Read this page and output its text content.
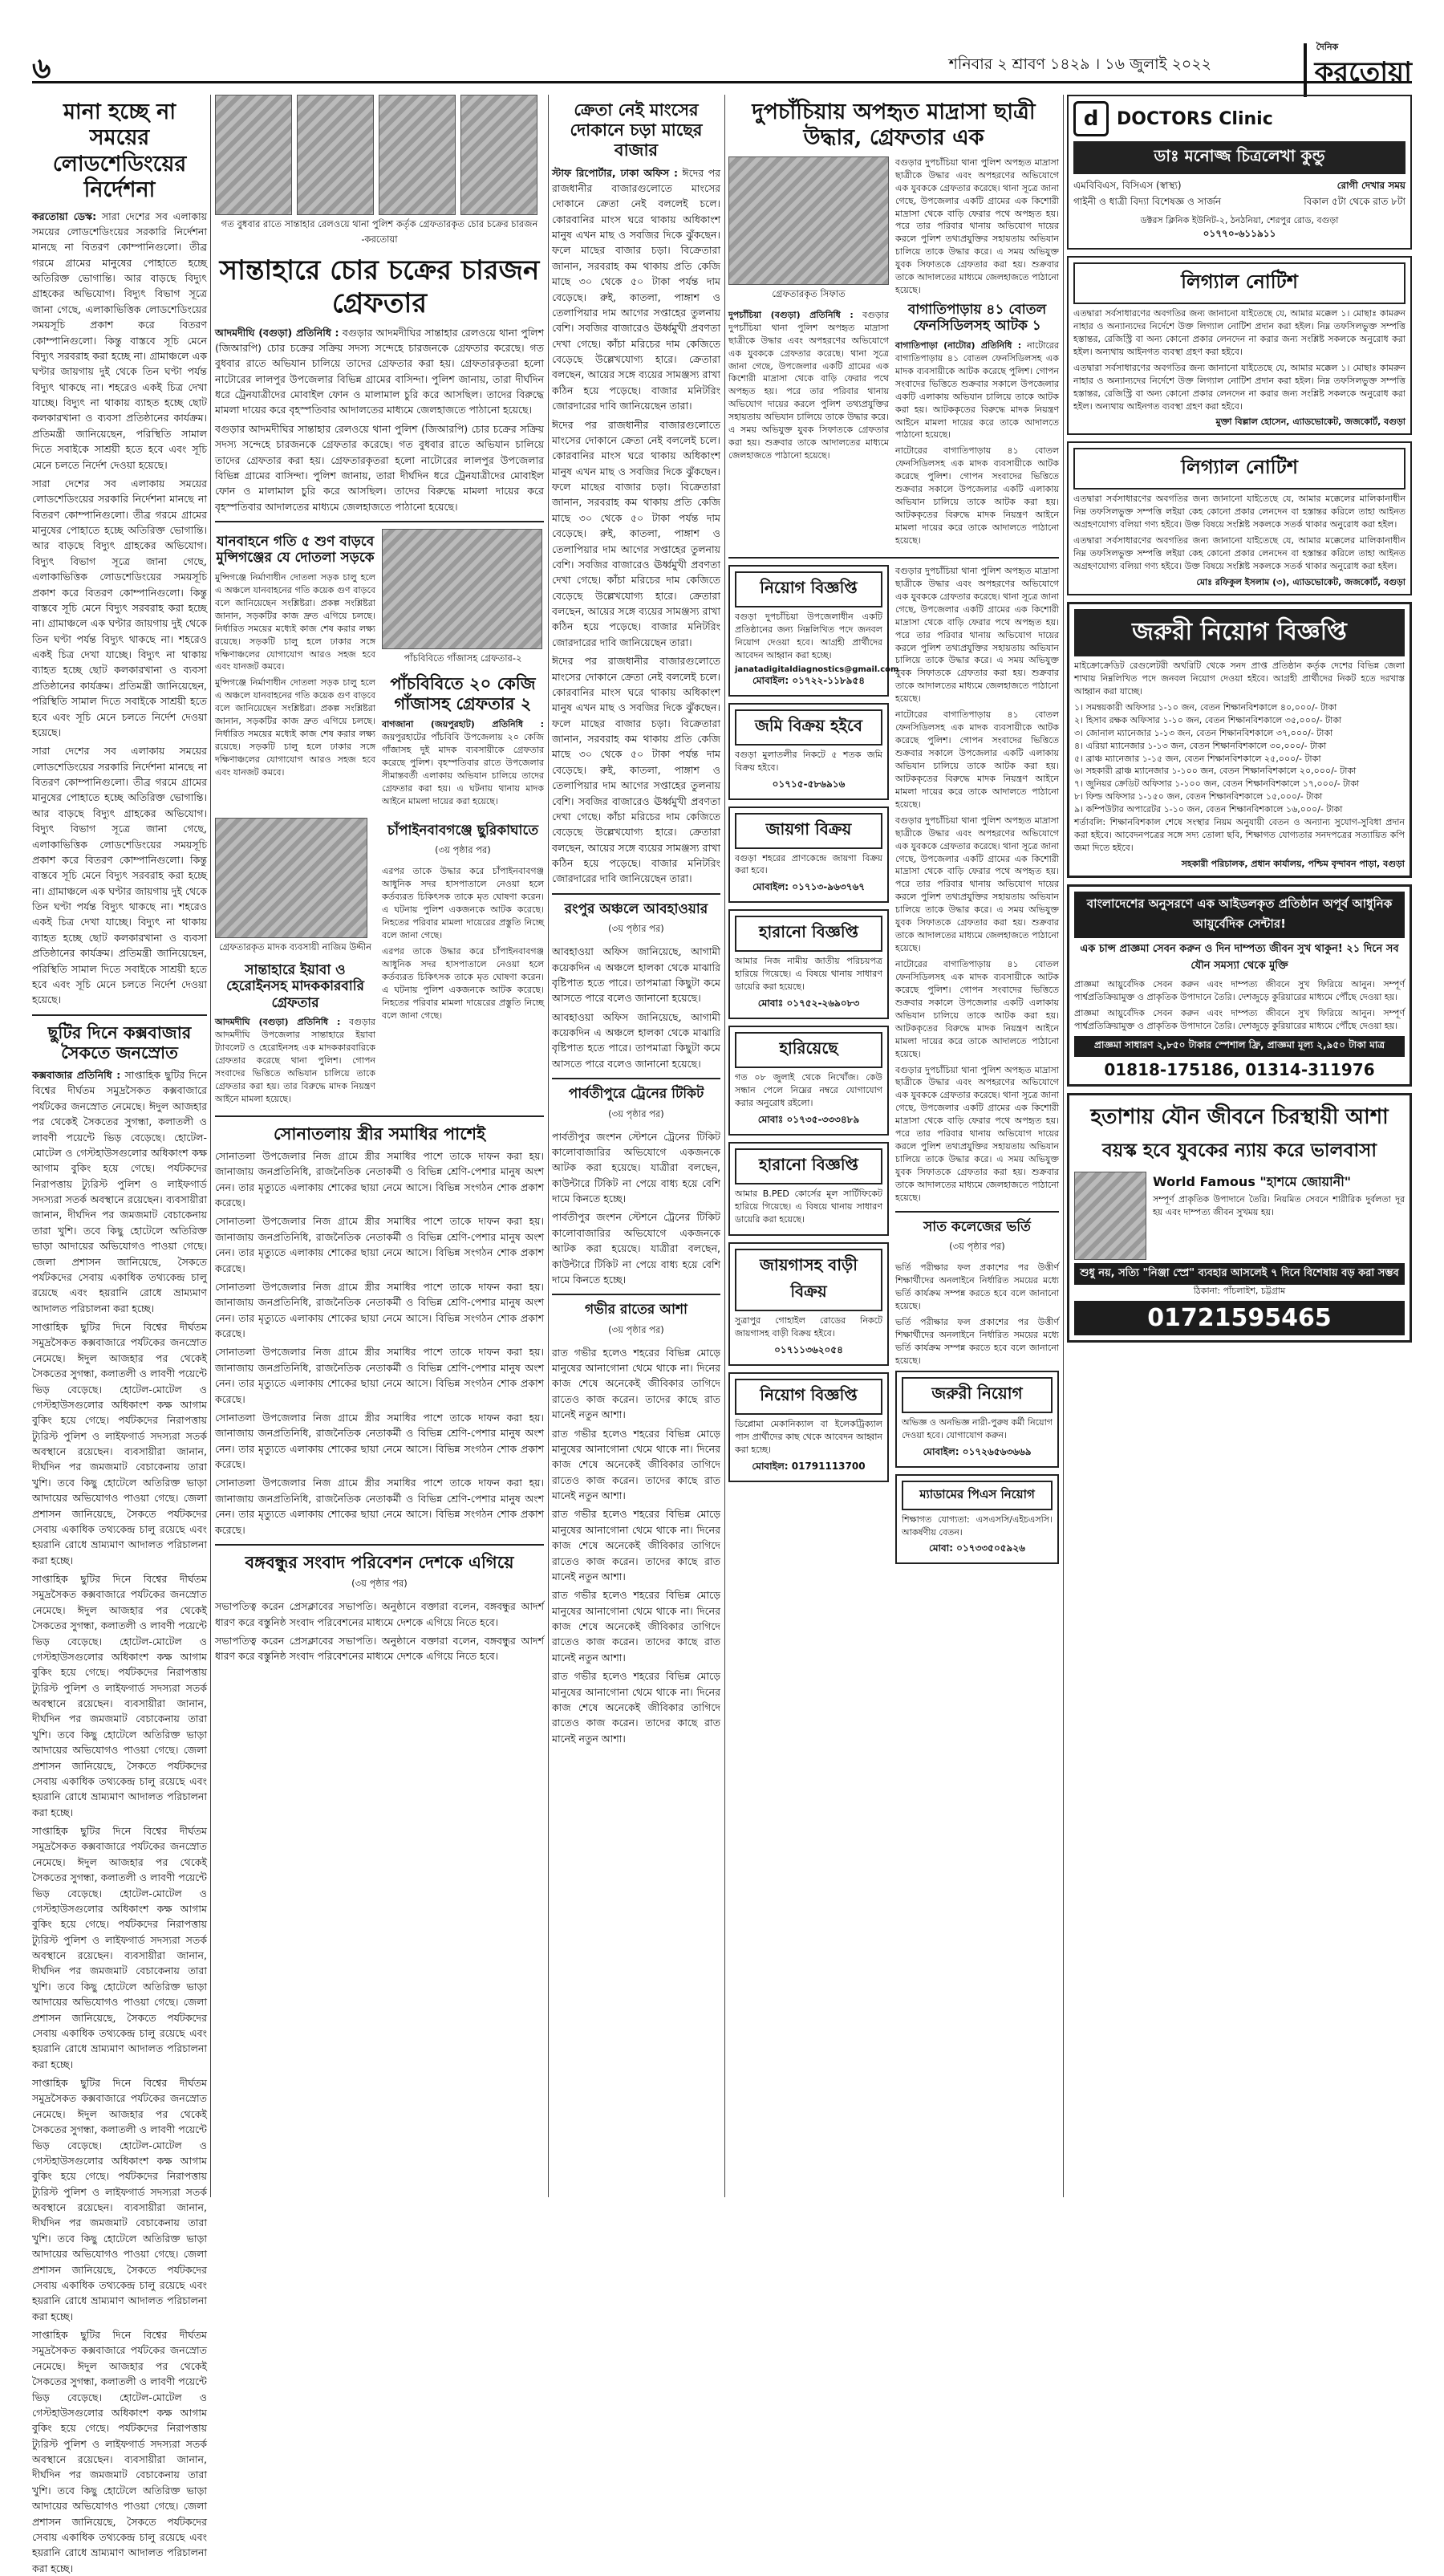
৬	শনিবার ২ শ্রাবণ ১৪২৯ । ১৬ জুলাই ২০২২
দৈনিক
করতোয়া
মানা হচ্ছে না সময়ের লোডশেডিংয়ের নির্দেশনা

করতোয়া ডেস্ক: সারা দেশের সব এলাকায় সময়ের লোডশেডিংয়ের সরকারি নির্দেশনা মানছে না বিতরণ কোম্পানিগুলো। তীব্র গরমে গ্রামের মানুষের পোহাতে হচ্ছে অতিরিক্ত ভোগান্তি। আর বাড়ছে বিদ্যুৎ গ্রাহকের অভিযোগ। বিদ্যুৎ বিভাগ সূত্রে জানা গেছে, এলাকাভিত্তিক লোডশেডিংয়ের সময়সূচি প্রকাশ করে বিতরণ কোম্পানিগুলো। কিন্তু বাস্তবে সূচি মেনে বিদ্যুৎ সরবরাহ করা হচ্ছে না। গ্রামাঞ্চলে এক ঘণ্টার জায়গায় দুই থেকে তিন ঘণ্টা পর্যন্ত বিদ্যুৎ থাকছে না। শহরেও একই চিত্র দেখা যাচ্ছে। বিদ্যুৎ না থাকায় ব্যাহত হচ্ছে ছোট কলকারখানা ও ব্যবসা প্রতিষ্ঠানের কার্যক্রম। প্রতিমন্ত্রী জানিয়েছেন, পরিস্থিতি সামাল দিতে সবাইকে সাশ্রয়ী হতে হবে এবং সূচি মেনে চলতে নির্দেশ দেওয়া হয়েছে।

সারা দেশের সব এলাকায় সময়ের লোডশেডিংয়ের সরকারি নির্দেশনা মানছে না বিতরণ কোম্পানিগুলো। তীব্র গরমে গ্রামের মানুষের পোহাতে হচ্ছে অতিরিক্ত ভোগান্তি। আর বাড়ছে বিদ্যুৎ গ্রাহকের অভিযোগ। বিদ্যুৎ বিভাগ সূত্রে জানা গেছে, এলাকাভিত্তিক লোডশেডিংয়ের সময়সূচি প্রকাশ করে বিতরণ কোম্পানিগুলো। কিন্তু বাস্তবে সূচি মেনে বিদ্যুৎ সরবরাহ করা হচ্ছে না। গ্রামাঞ্চলে এক ঘণ্টার জায়গায় দুই থেকে তিন ঘণ্টা পর্যন্ত বিদ্যুৎ থাকছে না। শহরেও একই চিত্র দেখা যাচ্ছে। বিদ্যুৎ না থাকায় ব্যাহত হচ্ছে ছোট কলকারখানা ও ব্যবসা প্রতিষ্ঠানের কার্যক্রম। প্রতিমন্ত্রী জানিয়েছেন, পরিস্থিতি সামাল দিতে সবাইকে সাশ্রয়ী হতে হবে এবং সূচি মেনে চলতে নির্দেশ দেওয়া হয়েছে।

সারা দেশের সব এলাকায় সময়ের লোডশেডিংয়ের সরকারি নির্দেশনা মানছে না বিতরণ কোম্পানিগুলো। তীব্র গরমে গ্রামের মানুষের পোহাতে হচ্ছে অতিরিক্ত ভোগান্তি। আর বাড়ছে বিদ্যুৎ গ্রাহকের অভিযোগ। বিদ্যুৎ বিভাগ সূত্রে জানা গেছে, এলাকাভিত্তিক লোডশেডিংয়ের সময়সূচি প্রকাশ করে বিতরণ কোম্পানিগুলো। কিন্তু বাস্তবে সূচি মেনে বিদ্যুৎ সরবরাহ করা হচ্ছে না। গ্রামাঞ্চলে এক ঘণ্টার জায়গায় দুই থেকে তিন ঘণ্টা পর্যন্ত বিদ্যুৎ থাকছে না। শহরেও একই চিত্র দেখা যাচ্ছে। বিদ্যুৎ না থাকায় ব্যাহত হচ্ছে ছোট কলকারখানা ও ব্যবসা প্রতিষ্ঠানের কার্যক্রম। প্রতিমন্ত্রী জানিয়েছেন, পরিস্থিতি সামাল দিতে সবাইকে সাশ্রয়ী হতে হবে এবং সূচি মেনে চলতে নির্দেশ দেওয়া হয়েছে।

ছুটির দিনে কক্সবাজার সৈকতে জনস্রোত

কক্সবাজার প্রতিনিধি : সাপ্তাহিক ছুটির দিনে বিশ্বের দীর্ঘতম সমুদ্রসৈকত কক্সবাজারে পর্যটকের জনস্রোত নেমেছে। ঈদুল আজহার পর থেকেই সৈকতের সুগন্ধা, কলাতলী ও লাবণী পয়েন্টে ভিড় বেড়েছে। হোটেল-মোটেল ও গেস্টহাউসগুলোর অধিকাংশ কক্ষ আগাম বুকিং হয়ে গেছে। পর্যটকদের নিরাপত্তায় ট্যুরিস্ট পুলিশ ও লাইফগার্ড সদস্যরা সতর্ক অবস্থানে রয়েছেন। ব্যবসায়ীরা জানান, দীর্ঘদিন পর জমজমাট বেচাকেনায় তারা খুশি। তবে কিছু হোটেলে অতিরিক্ত ভাড়া আদায়ের অভিযোগও পাওয়া গেছে। জেলা প্রশাসন জানিয়েছে, সৈকতে পর্যটকদের সেবায় একাধিক তথ্যকেন্দ্র চালু রয়েছে এবং হয়রানি রোধে ভ্রাম্যমাণ আদালত পরিচালনা করা হচ্ছে।

সাপ্তাহিক ছুটির দিনে বিশ্বের দীর্ঘতম সমুদ্রসৈকত কক্সবাজারে পর্যটকের জনস্রোত নেমেছে। ঈদুল আজহার পর থেকেই সৈকতের সুগন্ধা, কলাতলী ও লাবণী পয়েন্টে ভিড় বেড়েছে। হোটেল-মোটেল ও গেস্টহাউসগুলোর অধিকাংশ কক্ষ আগাম বুকিং হয়ে গেছে। পর্যটকদের নিরাপত্তায় ট্যুরিস্ট পুলিশ ও লাইফগার্ড সদস্যরা সতর্ক অবস্থানে রয়েছেন। ব্যবসায়ীরা জানান, দীর্ঘদিন পর জমজমাট বেচাকেনায় তারা খুশি। তবে কিছু হোটেলে অতিরিক্ত ভাড়া আদায়ের অভিযোগও পাওয়া গেছে। জেলা প্রশাসন জানিয়েছে, সৈকতে পর্যটকদের সেবায় একাধিক তথ্যকেন্দ্র চালু রয়েছে এবং হয়রানি রোধে ভ্রাম্যমাণ আদালত পরিচালনা করা হচ্ছে।

সাপ্তাহিক ছুটির দিনে বিশ্বের দীর্ঘতম সমুদ্রসৈকত কক্সবাজারে পর্যটকের জনস্রোত নেমেছে। ঈদুল আজহার পর থেকেই সৈকতের সুগন্ধা, কলাতলী ও লাবণী পয়েন্টে ভিড় বেড়েছে। হোটেল-মোটেল ও গেস্টহাউসগুলোর অধিকাংশ কক্ষ আগাম বুকিং হয়ে গেছে। পর্যটকদের নিরাপত্তায় ট্যুরিস্ট পুলিশ ও লাইফগার্ড সদস্যরা সতর্ক অবস্থানে রয়েছেন। ব্যবসায়ীরা জানান, দীর্ঘদিন পর জমজমাট বেচাকেনায় তারা খুশি। তবে কিছু হোটেলে অতিরিক্ত ভাড়া আদায়ের অভিযোগও পাওয়া গেছে। জেলা প্রশাসন জানিয়েছে, সৈকতে পর্যটকদের সেবায় একাধিক তথ্যকেন্দ্র চালু রয়েছে এবং হয়রানি রোধে ভ্রাম্যমাণ আদালত পরিচালনা করা হচ্ছে।

সাপ্তাহিক ছুটির দিনে বিশ্বের দীর্ঘতম সমুদ্রসৈকত কক্সবাজারে পর্যটকের জনস্রোত নেমেছে। ঈদুল আজহার পর থেকেই সৈকতের সুগন্ধা, কলাতলী ও লাবণী পয়েন্টে ভিড় বেড়েছে। হোটেল-মোটেল ও গেস্টহাউসগুলোর অধিকাংশ কক্ষ আগাম বুকিং হয়ে গেছে। পর্যটকদের নিরাপত্তায় ট্যুরিস্ট পুলিশ ও লাইফগার্ড সদস্যরা সতর্ক অবস্থানে রয়েছেন। ব্যবসায়ীরা জানান, দীর্ঘদিন পর জমজমাট বেচাকেনায় তারা খুশি। তবে কিছু হোটেলে অতিরিক্ত ভাড়া আদায়ের অভিযোগও পাওয়া গেছে। জেলা প্রশাসন জানিয়েছে, সৈকতে পর্যটকদের সেবায় একাধিক তথ্যকেন্দ্র চালু রয়েছে এবং হয়রানি রোধে ভ্রাম্যমাণ আদালত পরিচালনা করা হচ্ছে।

সাপ্তাহিক ছুটির দিনে বিশ্বের দীর্ঘতম সমুদ্রসৈকত কক্সবাজারে পর্যটকের জনস্রোত নেমেছে। ঈদুল আজহার পর থেকেই সৈকতের সুগন্ধা, কলাতলী ও লাবণী পয়েন্টে ভিড় বেড়েছে। হোটেল-মোটেল ও গেস্টহাউসগুলোর অধিকাংশ কক্ষ আগাম বুকিং হয়ে গেছে। পর্যটকদের নিরাপত্তায় ট্যুরিস্ট পুলিশ ও লাইফগার্ড সদস্যরা সতর্ক অবস্থানে রয়েছেন। ব্যবসায়ীরা জানান, দীর্ঘদিন পর জমজমাট বেচাকেনায় তারা খুশি। তবে কিছু হোটেলে অতিরিক্ত ভাড়া আদায়ের অভিযোগও পাওয়া গেছে। জেলা প্রশাসন জানিয়েছে, সৈকতে পর্যটকদের সেবায় একাধিক তথ্যকেন্দ্র চালু রয়েছে এবং হয়রানি রোধে ভ্রাম্যমাণ আদালত পরিচালনা করা হচ্ছে।

সাপ্তাহিক ছুটির দিনে বিশ্বের দীর্ঘতম সমুদ্রসৈকত কক্সবাজারে পর্যটকের জনস্রোত নেমেছে। ঈদুল আজহার পর থেকেই সৈকতের সুগন্ধা, কলাতলী ও লাবণী পয়েন্টে ভিড় বেড়েছে। হোটেল-মোটেল ও গেস্টহাউসগুলোর অধিকাংশ কক্ষ আগাম বুকিং হয়ে গেছে। পর্যটকদের নিরাপত্তায় ট্যুরিস্ট পুলিশ ও লাইফগার্ড সদস্যরা সতর্ক অবস্থানে রয়েছেন। ব্যবসায়ীরা জানান, দীর্ঘদিন পর জমজমাট বেচাকেনায় তারা খুশি। তবে কিছু হোটেলে অতিরিক্ত ভাড়া আদায়ের অভিযোগও পাওয়া গেছে। জেলা প্রশাসন জানিয়েছে, সৈকতে পর্যটকদের সেবায় একাধিক তথ্যকেন্দ্র চালু রয়েছে এবং হয়রানি রোধে ভ্রাম্যমাণ আদালত পরিচালনা করা হচ্ছে।

গত বুধবার রাতে সান্তাহার রেলওয়ে থানা পুলিশ কর্তৃক গ্রেফতারকৃত চোর চক্রের চারজন -করতোয়া
সান্তাহারে চোর চক্রের চারজন গ্রেফতার

আদমদীঘি (বগুড়া) প্রতিনিধি : বগুড়ার আদমদীঘির সান্তাহার রেলওয়ে থানা পুলিশ (জিআরপি) চোর চক্রের সক্রিয় সদস্য সন্দেহে চারজনকে গ্রেফতার করেছে। গত বুধবার রাতে অভিযান চালিয়ে তাদের গ্রেফতার করা হয়। গ্রেফতারকৃতরা হলো নাটোরের লালপুর উপজেলার বিভিন্ন গ্রামের বাসিন্দা। পুলিশ জানায়, তারা দীর্ঘদিন ধরে ট্রেনযাত্রীদের মোবাইল ফোন ও মালামাল চুরি করে আসছিল। তাদের বিরুদ্ধে মামলা দায়ের করে বৃহস্পতিবার আদালতের মাধ্যমে জেলহাজতে পাঠানো হয়েছে।

বগুড়ার আদমদীঘির সান্তাহার রেলওয়ে থানা পুলিশ (জিআরপি) চোর চক্রের সক্রিয় সদস্য সন্দেহে চারজনকে গ্রেফতার করেছে। গত বুধবার রাতে অভিযান চালিয়ে তাদের গ্রেফতার করা হয়। গ্রেফতারকৃতরা হলো নাটোরের লালপুর উপজেলার বিভিন্ন গ্রামের বাসিন্দা। পুলিশ জানায়, তারা দীর্ঘদিন ধরে ট্রেনযাত্রীদের মোবাইল ফোন ও মালামাল চুরি করে আসছিল। তাদের বিরুদ্ধে মামলা দায়ের করে বৃহস্পতিবার আদালতের মাধ্যমে জেলহাজতে পাঠানো হয়েছে।

যানবাহনে গতি ৫ শুণ বাড়বে মুন্সিগঞ্জের যে দোতলা সড়কে

মুন্সিগঞ্জে নির্মাণাধীন দোতলা সড়ক চালু হলে এ অঞ্চলে যানবাহনের গতি কয়েক গুণ বাড়বে বলে জানিয়েছেন সংশ্লিষ্টরা। প্রকল্প সংশ্লিষ্টরা জানান, সড়কটির কাজ দ্রুত এগিয়ে চলছে। নির্ধারিত সময়ের মধ্যেই কাজ শেষ করার লক্ষ্য রয়েছে। সড়কটি চালু হলে ঢাকার সঙ্গে দক্ষিণাঞ্চলের যোগাযোগ আরও সহজ হবে এবং যানজট কমবে।

মুন্সিগঞ্জে নির্মাণাধীন দোতলা সড়ক চালু হলে এ অঞ্চলে যানবাহনের গতি কয়েক গুণ বাড়বে বলে জানিয়েছেন সংশ্লিষ্টরা। প্রকল্প সংশ্লিষ্টরা জানান, সড়কটির কাজ দ্রুত এগিয়ে চলছে। নির্ধারিত সময়ের মধ্যেই কাজ শেষ করার লক্ষ্য রয়েছে। সড়কটি চালু হলে ঢাকার সঙ্গে দক্ষিণাঞ্চলের যোগাযোগ আরও সহজ হবে এবং যানজট কমবে।

পাঁচবিবিতে গাঁজাসহ গ্রেফতার-২
পাঁচবিবিতে ২০ কেজি গাঁজাসহ গ্রেফতার ২

বাগজানা (জয়পুরহাট) প্রতিনিধি : জয়পুরহাটের পাঁচবিবি উপজেলায় ২০ কেজি গাঁজাসহ দুই মাদক ব্যবসায়ীকে গ্রেফতার করেছে পুলিশ। বৃহস্পতিবার রাতে উপজেলার সীমান্তবর্তী এলাকায় অভিযান চালিয়ে তাদের গ্রেফতার করা হয়। এ ঘটনায় থানায় মাদক আইনে মামলা দায়ের করা হয়েছে।

গ্রেফতারকৃত মাদক ব্যবসায়ী নাজিম উদ্দীন
সান্তাহারে ইয়াবা ও হেরোইনসহ মাদককারবারি গ্রেফতার

আদমদীঘি (বগুড়া) প্রতিনিধি : বগুড়ার আদমদীঘি উপজেলার সান্তাহারে ইয়াবা ট্যাবলেট ও হেরোইনসহ এক মাদককারবারিকে গ্রেফতার করেছে থানা পুলিশ। গোপন সংবাদের ভিত্তিতে অভিযান চালিয়ে তাকে গ্রেফতার করা হয়। তার বিরুদ্ধে মাদক নিয়ন্ত্রণ আইনে মামলা হয়েছে।

চাঁপাইনবাবগঞ্জে ছুরিকাঘাতে
(৩য় পৃষ্ঠার পর)

এরপর তাকে উদ্ধার করে চাঁপাইনবাবগঞ্জ আধুনিক সদর হাসপাতালে নেওয়া হলে কর্তব্যরত চিকিৎসক তাকে মৃত ঘোষণা করেন। এ ঘটনায় পুলিশ একজনকে আটক করেছে। নিহতের পরিবার মামলা দায়েরের প্রস্তুতি নিচ্ছে বলে জানা গেছে।

এরপর তাকে উদ্ধার করে চাঁপাইনবাবগঞ্জ আধুনিক সদর হাসপাতালে নেওয়া হলে কর্তব্যরত চিকিৎসক তাকে মৃত ঘোষণা করেন। এ ঘটনায় পুলিশ একজনকে আটক করেছে। নিহতের পরিবার মামলা দায়েরের প্রস্তুতি নিচ্ছে বলে জানা গেছে।

সোনাতলায় স্ত্রীর সমাধির পাশেই

সোনাতলা উপজেলার নিজ গ্রামে স্ত্রীর সমাধির পাশে তাকে দাফন করা হয়। জানাজায় জনপ্রতিনিধি, রাজনৈতিক নেতাকর্মী ও বিভিন্ন শ্রেণি-পেশার মানুষ অংশ নেন। তার মৃত্যুতে এলাকায় শোকের ছায়া নেমে আসে। বিভিন্ন সংগঠন শোক প্রকাশ করেছে।

সোনাতলা উপজেলার নিজ গ্রামে স্ত্রীর সমাধির পাশে তাকে দাফন করা হয়। জানাজায় জনপ্রতিনিধি, রাজনৈতিক নেতাকর্মী ও বিভিন্ন শ্রেণি-পেশার মানুষ অংশ নেন। তার মৃত্যুতে এলাকায় শোকের ছায়া নেমে আসে। বিভিন্ন সংগঠন শোক প্রকাশ করেছে।

সোনাতলা উপজেলার নিজ গ্রামে স্ত্রীর সমাধির পাশে তাকে দাফন করা হয়। জানাজায় জনপ্রতিনিধি, রাজনৈতিক নেতাকর্মী ও বিভিন্ন শ্রেণি-পেশার মানুষ অংশ নেন। তার মৃত্যুতে এলাকায় শোকের ছায়া নেমে আসে। বিভিন্ন সংগঠন শোক প্রকাশ করেছে।

সোনাতলা উপজেলার নিজ গ্রামে স্ত্রীর সমাধির পাশে তাকে দাফন করা হয়। জানাজায় জনপ্রতিনিধি, রাজনৈতিক নেতাকর্মী ও বিভিন্ন শ্রেণি-পেশার মানুষ অংশ নেন। তার মৃত্যুতে এলাকায় শোকের ছায়া নেমে আসে। বিভিন্ন সংগঠন শোক প্রকাশ করেছে।

সোনাতলা উপজেলার নিজ গ্রামে স্ত্রীর সমাধির পাশে তাকে দাফন করা হয়। জানাজায় জনপ্রতিনিধি, রাজনৈতিক নেতাকর্মী ও বিভিন্ন শ্রেণি-পেশার মানুষ অংশ নেন। তার মৃত্যুতে এলাকায় শোকের ছায়া নেমে আসে। বিভিন্ন সংগঠন শোক প্রকাশ করেছে।

সোনাতলা উপজেলার নিজ গ্রামে স্ত্রীর সমাধির পাশে তাকে দাফন করা হয়। জানাজায় জনপ্রতিনিধি, রাজনৈতিক নেতাকর্মী ও বিভিন্ন শ্রেণি-পেশার মানুষ অংশ নেন। তার মৃত্যুতে এলাকায় শোকের ছায়া নেমে আসে। বিভিন্ন সংগঠন শোক প্রকাশ করেছে।

বঙ্গবন্ধুর সংবাদ পরিবেশন দেশকে এগিয়ে
(৩য় পৃষ্ঠার পর)

সভাপতিত্ব করেন প্রেসক্লাবের সভাপতি। অনুষ্ঠানে বক্তারা বলেন, বঙ্গবন্ধুর আদর্শ ধারণ করে বস্তুনিষ্ঠ সংবাদ পরিবেশনের মাধ্যমে দেশকে এগিয়ে নিতে হবে।

সভাপতিত্ব করেন প্রেসক্লাবের সভাপতি। অনুষ্ঠানে বক্তারা বলেন, বঙ্গবন্ধুর আদর্শ ধারণ করে বস্তুনিষ্ঠ সংবাদ পরিবেশনের মাধ্যমে দেশকে এগিয়ে নিতে হবে।

ক্রেতা নেই মাংসের দোকানে চড়া মাছের বাজার

স্টাফ রিপোর্টার, ঢাকা অফিস : ঈদের পর রাজধানীর বাজারগুলোতে মাংসের দোকানে ক্রেতা নেই বললেই চলে। কোরবানির মাংস ঘরে থাকায় অধিকাংশ মানুষ এখন মাছ ও সবজির দিকে ঝুঁকছেন। ফলে মাছের বাজার চড়া। বিক্রেতারা জানান, সরবরাহ কম থাকায় প্রতি কেজি মাছে ৩০ থেকে ৫০ টাকা পর্যন্ত দাম বেড়েছে। রুই, কাতলা, পাঙ্গাশ ও তেলাপিয়ার দাম আগের সপ্তাহের তুলনায় বেশি। সবজির বাজারেও ঊর্ধ্বমুখী প্রবণতা দেখা গেছে। কাঁচা মরিচের দাম কেজিতে বেড়েছে উল্লেখযোগ্য হারে। ক্রেতারা বলছেন, আয়ের সঙ্গে ব্যয়ের সামঞ্জস্য রাখা কঠিন হয়ে পড়েছে। বাজার মনিটরিং জোরদারের দাবি জানিয়েছেন তারা।

ঈদের পর রাজধানীর বাজারগুলোতে মাংসের দোকানে ক্রেতা নেই বললেই চলে। কোরবানির মাংস ঘরে থাকায় অধিকাংশ মানুষ এখন মাছ ও সবজির দিকে ঝুঁকছেন। ফলে মাছের বাজার চড়া। বিক্রেতারা জানান, সরবরাহ কম থাকায় প্রতি কেজি মাছে ৩০ থেকে ৫০ টাকা পর্যন্ত দাম বেড়েছে। রুই, কাতলা, পাঙ্গাশ ও তেলাপিয়ার দাম আগের সপ্তাহের তুলনায় বেশি। সবজির বাজারেও ঊর্ধ্বমুখী প্রবণতা দেখা গেছে। কাঁচা মরিচের দাম কেজিতে বেড়েছে উল্লেখযোগ্য হারে। ক্রেতারা বলছেন, আয়ের সঙ্গে ব্যয়ের সামঞ্জস্য রাখা কঠিন হয়ে পড়েছে। বাজার মনিটরিং জোরদারের দাবি জানিয়েছেন তারা।

ঈদের পর রাজধানীর বাজারগুলোতে মাংসের দোকানে ক্রেতা নেই বললেই চলে। কোরবানির মাংস ঘরে থাকায় অধিকাংশ মানুষ এখন মাছ ও সবজির দিকে ঝুঁকছেন। ফলে মাছের বাজার চড়া। বিক্রেতারা জানান, সরবরাহ কম থাকায় প্রতি কেজি মাছে ৩০ থেকে ৫০ টাকা পর্যন্ত দাম বেড়েছে। রুই, কাতলা, পাঙ্গাশ ও তেলাপিয়ার দাম আগের সপ্তাহের তুলনায় বেশি। সবজির বাজারেও ঊর্ধ্বমুখী প্রবণতা দেখা গেছে। কাঁচা মরিচের দাম কেজিতে বেড়েছে উল্লেখযোগ্য হারে। ক্রেতারা বলছেন, আয়ের সঙ্গে ব্যয়ের সামঞ্জস্য রাখা কঠিন হয়ে পড়েছে। বাজার মনিটরিং জোরদারের দাবি জানিয়েছেন তারা।

রংপুর অঞ্চলে আবহাওয়ার
(৩য় পৃষ্ঠার পর)

আবহাওয়া অফিস জানিয়েছে, আগামী কয়েকদিন এ অঞ্চলে হালকা থেকে মাঝারি বৃষ্টিপাত হতে পারে। তাপমাত্রা কিছুটা কমে আসতে পারে বলেও জানানো হয়েছে।

আবহাওয়া অফিস জানিয়েছে, আগামী কয়েকদিন এ অঞ্চলে হালকা থেকে মাঝারি বৃষ্টিপাত হতে পারে। তাপমাত্রা কিছুটা কমে আসতে পারে বলেও জানানো হয়েছে।

পার্বতীপুরে ট্রেনের টিকিট
(৩য় পৃষ্ঠার পর)

পার্বতীপুর জংশন স্টেশনে ট্রেনের টিকিট কালোবাজারির অভিযোগে একজনকে আটক করা হয়েছে। যাত্রীরা বলছেন, কাউন্টারে টিকিট না পেয়ে বাধ্য হয়ে বেশি দামে কিনতে হচ্ছে।

পার্বতীপুর জংশন স্টেশনে ট্রেনের টিকিট কালোবাজারির অভিযোগে একজনকে আটক করা হয়েছে। যাত্রীরা বলছেন, কাউন্টারে টিকিট না পেয়ে বাধ্য হয়ে বেশি দামে কিনতে হচ্ছে।

গভীর রাতের আশা
(৩য় পৃষ্ঠার পর)

রাত গভীর হলেও শহরের বিভিন্ন মোড়ে মানুষের আনাগোনা থেমে থাকে না। দিনের কাজ শেষে অনেকেই জীবিকার তাগিদে রাতেও কাজ করেন। তাদের কাছে রাত মানেই নতুন আশা।

রাত গভীর হলেও শহরের বিভিন্ন মোড়ে মানুষের আনাগোনা থেমে থাকে না। দিনের কাজ শেষে অনেকেই জীবিকার তাগিদে রাতেও কাজ করেন। তাদের কাছে রাত মানেই নতুন আশা।

রাত গভীর হলেও শহরের বিভিন্ন মোড়ে মানুষের আনাগোনা থেমে থাকে না। দিনের কাজ শেষে অনেকেই জীবিকার তাগিদে রাতেও কাজ করেন। তাদের কাছে রাত মানেই নতুন আশা।

রাত গভীর হলেও শহরের বিভিন্ন মোড়ে মানুষের আনাগোনা থেমে থাকে না। দিনের কাজ শেষে অনেকেই জীবিকার তাগিদে রাতেও কাজ করেন। তাদের কাছে রাত মানেই নতুন আশা।

রাত গভীর হলেও শহরের বিভিন্ন মোড়ে মানুষের আনাগোনা থেমে থাকে না। দিনের কাজ শেষে অনেকেই জীবিকার তাগিদে রাতেও কাজ করেন। তাদের কাছে রাত মানেই নতুন আশা।

দুপচাঁচিয়ায় অপহৃত মাদ্রাসা ছাত্রী উদ্ধার, গ্রেফতার এক
গ্রেফতারকৃত সিফাত

দুপচাঁচিয়া (বগুড়া) প্রতিনিধি : বগুড়ার দুপচাঁচিয়া থানা পুলিশ অপহৃত মাদ্রাসা ছাত্রীকে উদ্ধার এবং অপহরণের অভিযোগে এক যুবককে গ্রেফতার করেছে। থানা সূত্রে জানা গেছে, উপজেলার একটি গ্রামের এক কিশোরী মাদ্রাসা থেকে বাড়ি ফেরার পথে অপহৃত হয়। পরে তার পরিবার থানায় অভিযোগ দায়ের করলে পুলিশ তথ্যপ্রযুক্তির সহায়তায় অভিযান চালিয়ে তাকে উদ্ধার করে। এ সময় অভিযুক্ত যুবক সিফাতকে গ্রেফতার করা হয়। শুক্রবার তাকে আদালতের মাধ্যমে জেলহাজতে পাঠানো হয়েছে।

বগুড়ার দুপচাঁচিয়া থানা পুলিশ অপহৃত মাদ্রাসা ছাত্রীকে উদ্ধার এবং অপহরণের অভিযোগে এক যুবককে গ্রেফতার করেছে। থানা সূত্রে জানা গেছে, উপজেলার একটি গ্রামের এক কিশোরী মাদ্রাসা থেকে বাড়ি ফেরার পথে অপহৃত হয়। পরে তার পরিবার থানায় অভিযোগ দায়ের করলে পুলিশ তথ্যপ্রযুক্তির সহায়তায় অভিযান চালিয়ে তাকে উদ্ধার করে। এ সময় অভিযুক্ত যুবক সিফাতকে গ্রেফতার করা হয়। শুক্রবার তাকে আদালতের মাধ্যমে জেলহাজতে পাঠানো হয়েছে।

বাগাতিপাড়ায় ৪১ বোতল ফেনসিডিলসহ আটক ১

বাগাতিপাড়া (নাটোর) প্রতিনিধি : নাটোরের বাগাতিপাড়ায় ৪১ বোতল ফেনসিডিলসহ এক মাদক ব্যবসায়ীকে আটক করেছে পুলিশ। গোপন সংবাদের ভিত্তিতে শুক্রবার সকালে উপজেলার একটি এলাকায় অভিযান চালিয়ে তাকে আটক করা হয়। আটককৃতের বিরুদ্ধে মাদক নিয়ন্ত্রণ আইনে মামলা দায়ের করে তাকে আদালতে পাঠানো হয়েছে।

নাটোরের বাগাতিপাড়ায় ৪১ বোতল ফেনসিডিলসহ এক মাদক ব্যবসায়ীকে আটক করেছে পুলিশ। গোপন সংবাদের ভিত্তিতে শুক্রবার সকালে উপজেলার একটি এলাকায় অভিযান চালিয়ে তাকে আটক করা হয়। আটককৃতের বিরুদ্ধে মাদক নিয়ন্ত্রণ আইনে মামলা দায়ের করে তাকে আদালতে পাঠানো হয়েছে।

নিয়োগ বিজ্ঞপ্তি

বগুড়া দুপচাঁচিয়া উপজেলাধীন একটি প্রতিষ্ঠানের জন্য নিম্নলিখিত পদে জনবল নিয়োগ দেওয়া হবে। আগ্রহী প্রার্থীদের আবেদন আহ্বান করা হচ্ছে।

janatadigitaldiagnostics@gmail.com
মোবাইল: ০১৭২২-১১৮৯৫৪
জমি বিক্রয় হইবে

বগুড়া মুলাতলীর নিকটে ৫ শতক জমি বিক্রয় হইবে।

০১৭১৫-৫৮৬৯১৬
জায়গা বিক্রয়

বগুড়া শহরের প্রাণকেন্দ্রে জায়গা বিক্রয় করা হবে।

মোবাইল: ০১৭১৩-৯৬৩৭৬৭
হারানো বিজ্ঞপ্তি

আমার নিজ নামীয় জাতীয় পরিচয়পত্র হারিয়ে গিয়েছে। এ বিষয়ে থানায় সাধারণ ডায়েরি করা হয়েছে।

মোবাঃ ০১৭৫২-২৬৯০৮৩
হারিয়েছে

গত ০৮ জুলাই থেকে নিখোঁজ। কেউ সন্ধান পেলে নিম্নের নম্বরে যোগাযোগ করার অনুরোধ রইলো।

মোবাঃ ০১৭৩৫-৩৩৩৪৮৯
হারানো বিজ্ঞপ্তি

আমার B.PED কোর্সের মূল সার্টিফিকেট হারিয়ে গিয়েছে। এ বিষয়ে থানায় সাধারণ ডায়েরি করা হয়েছে।

জায়গাসহ বাড়ী বিক্রয়

সুত্রাপুর গোহাইল রোডের নিকটে জায়গাসহ বাড়ী বিক্রয় হইবে।

০১৭১১৩৬২০৫৪
নিয়োগ বিজ্ঞপ্তি

ডিপ্লোমা মেকানিক্যাল বা ইলেকট্রিক্যাল পাস প্রার্থীদের কাছ থেকে আবেদন আহ্বান করা হচ্ছে।

মোবাইল: 01791113700

বগুড়ার দুপচাঁচিয়া থানা পুলিশ অপহৃত মাদ্রাসা ছাত্রীকে উদ্ধার এবং অপহরণের অভিযোগে এক যুবককে গ্রেফতার করেছে। থানা সূত্রে জানা গেছে, উপজেলার একটি গ্রামের এক কিশোরী মাদ্রাসা থেকে বাড়ি ফেরার পথে অপহৃত হয়। পরে তার পরিবার থানায় অভিযোগ দায়ের করলে পুলিশ তথ্যপ্রযুক্তির সহায়তায় অভিযান চালিয়ে তাকে উদ্ধার করে। এ সময় অভিযুক্ত যুবক সিফাতকে গ্রেফতার করা হয়। শুক্রবার তাকে আদালতের মাধ্যমে জেলহাজতে পাঠানো হয়েছে।

নাটোরের বাগাতিপাড়ায় ৪১ বোতল ফেনসিডিলসহ এক মাদক ব্যবসায়ীকে আটক করেছে পুলিশ। গোপন সংবাদের ভিত্তিতে শুক্রবার সকালে উপজেলার একটি এলাকায় অভিযান চালিয়ে তাকে আটক করা হয়। আটককৃতের বিরুদ্ধে মাদক নিয়ন্ত্রণ আইনে মামলা দায়ের করে তাকে আদালতে পাঠানো হয়েছে।

বগুড়ার দুপচাঁচিয়া থানা পুলিশ অপহৃত মাদ্রাসা ছাত্রীকে উদ্ধার এবং অপহরণের অভিযোগে এক যুবককে গ্রেফতার করেছে। থানা সূত্রে জানা গেছে, উপজেলার একটি গ্রামের এক কিশোরী মাদ্রাসা থেকে বাড়ি ফেরার পথে অপহৃত হয়। পরে তার পরিবার থানায় অভিযোগ দায়ের করলে পুলিশ তথ্যপ্রযুক্তির সহায়তায় অভিযান চালিয়ে তাকে উদ্ধার করে। এ সময় অভিযুক্ত যুবক সিফাতকে গ্রেফতার করা হয়। শুক্রবার তাকে আদালতের মাধ্যমে জেলহাজতে পাঠানো হয়েছে।

নাটোরের বাগাতিপাড়ায় ৪১ বোতল ফেনসিডিলসহ এক মাদক ব্যবসায়ীকে আটক করেছে পুলিশ। গোপন সংবাদের ভিত্তিতে শুক্রবার সকালে উপজেলার একটি এলাকায় অভিযান চালিয়ে তাকে আটক করা হয়। আটককৃতের বিরুদ্ধে মাদক নিয়ন্ত্রণ আইনে মামলা দায়ের করে তাকে আদালতে পাঠানো হয়েছে।

বগুড়ার দুপচাঁচিয়া থানা পুলিশ অপহৃত মাদ্রাসা ছাত্রীকে উদ্ধার এবং অপহরণের অভিযোগে এক যুবককে গ্রেফতার করেছে। থানা সূত্রে জানা গেছে, উপজেলার একটি গ্রামের এক কিশোরী মাদ্রাসা থেকে বাড়ি ফেরার পথে অপহৃত হয়। পরে তার পরিবার থানায় অভিযোগ দায়ের করলে পুলিশ তথ্যপ্রযুক্তির সহায়তায় অভিযান চালিয়ে তাকে উদ্ধার করে। এ সময় অভিযুক্ত যুবক সিফাতকে গ্রেফতার করা হয়। শুক্রবার তাকে আদালতের মাধ্যমে জেলহাজতে পাঠানো হয়েছে।

সাত কলেজের ভর্তি
(৩য় পৃষ্ঠার পর)

ভর্তি পরীক্ষার ফল প্রকাশের পর উত্তীর্ণ শিক্ষার্থীদের অনলাইনে নির্ধারিত সময়ের মধ্যে ভর্তি কার্যক্রম সম্পন্ন করতে হবে বলে জানানো হয়েছে।

ভর্তি পরীক্ষার ফল প্রকাশের পর উত্তীর্ণ শিক্ষার্থীদের অনলাইনে নির্ধারিত সময়ের মধ্যে ভর্তি কার্যক্রম সম্পন্ন করতে হবে বলে জানানো হয়েছে।

জরুরী নিয়োগ

অভিজ্ঞ ও অনভিজ্ঞ নারী-পুরুষ কর্মী নিয়োগ দেওয়া হবে। যোগাযোগ করুন।

মোবাইল: ০১৭২৬৫৬৩৬৬৯
ম্যাডামের পিএস নিয়োগ

শিক্ষাগত যোগ্যতা: এসএসসি/এইচএসসি। আকর্ষণীয় বেতন।

মোবা: ০১৭৩৩৫০৫৯২৬
d	DOCTORS Clinic
ডাঃ মনোজ্জ চিত্রলেখা কুন্ডু
এমবিবিএস, বিসিএস (স্বাস্থ্য)
গাইনী ও ধাত্রী বিদ্যা বিশেষজ্ঞ ও সার্জন
রোগী দেখার সময়
বিকাল ৫টা থেকে রাত ৮টা
ডক্টরস ক্লিনিক ইউনিট-২, ঠনঠনিয়া, শেরপুর রোড, বগুড়া
০১৭৭০-৬১১৯১১
লিগ্যাল নোটিশ

এতদ্বারা সর্বসাধারণের অবগতির জন্য জানানো যাইতেছে যে, আমার মক্কেল ১। মোছাঃ কামরুন নাহার ও অন্যান্যদের নির্দেশে উক্ত লিগ্যাল নোটিশ প্রদান করা হইল। নিম্ন তফসিলভুক্ত সম্পত্তি হস্তান্তর, রেজিস্ট্রি বা অন্য কোনো প্রকার লেনদেন না করার জন্য সংশ্লিষ্ট সকলকে অনুরোধ করা হইল। অন্যথায় আইনগত ব্যবস্থা গ্রহণ করা হইবে।

এতদ্বারা সর্বসাধারণের অবগতির জন্য জানানো যাইতেছে যে, আমার মক্কেল ১। মোছাঃ কামরুন নাহার ও অন্যান্যদের নির্দেশে উক্ত লিগ্যাল নোটিশ প্রদান করা হইল। নিম্ন তফসিলভুক্ত সম্পত্তি হস্তান্তর, রেজিস্ট্রি বা অন্য কোনো প্রকার লেনদেন না করার জন্য সংশ্লিষ্ট সকলকে অনুরোধ করা হইল। অন্যথায় আইনগত ব্যবস্থা গ্রহণ করা হইবে।

মুক্তা বিল্লাল হোসেন, এ্যাডভোকেট, জজকোর্ট, বগুড়া
লিগ্যাল নোটিশ

এতদ্বারা সর্বসাধারণের অবগতির জন্য জানানো যাইতেছে যে, আমার মক্কেলের মালিকানাধীন নিম্ন তফসিলভুক্ত সম্পত্তি লইয়া কেহ কোনো প্রকার লেনদেন বা হস্তান্তর করিলে তাহা আইনত অগ্রহণযোগ্য বলিয়া গণ্য হইবে। উক্ত বিষয়ে সংশ্লিষ্ট সকলকে সতর্ক থাকার অনুরোধ করা হইল।

এতদ্বারা সর্বসাধারণের অবগতির জন্য জানানো যাইতেছে যে, আমার মক্কেলের মালিকানাধীন নিম্ন তফসিলভুক্ত সম্পত্তি লইয়া কেহ কোনো প্রকার লেনদেন বা হস্তান্তর করিলে তাহা আইনত অগ্রহণযোগ্য বলিয়া গণ্য হইবে। উক্ত বিষয়ে সংশ্লিষ্ট সকলকে সতর্ক থাকার অনুরোধ করা হইল।

মোঃ রফিকুল ইসলাম (৩), এ্যাডভোকেট, জজকোর্ট, বগুড়া
জরুরী নিয়োগ বিজ্ঞপ্তি

মাইক্রোক্রেডিট রেগুলেটরী অথরিটি থেকে সনদ প্রাপ্ত প্রতিষ্ঠান কর্তৃক দেশের বিভিন্ন জেলা শাখায় নিম্নলিখিত পদে জনবল নিয়োগ দেওয়া হইবে। আগ্রহী প্রার্থীদের নিকট হতে দরখাস্ত আহ্বান করা যাচ্ছে।

১। সমন্বয়কারী অফিসার ১-১০ জন, বেতন শিক্ষানবিশকালে ৪০,০০০/- টাকা
২। হিসাব রক্ষক অফিসার ১-১০ জন, বেতন শিক্ষানবিশকালে ৩৫,০০০/- টাকা
৩। জোনাল ম্যানেজার ১-১৩ জন, বেতন শিক্ষানবিশকালে ৩৭,০০০/- টাকা
৪। এরিয়া ম্যানেজার ১-১৩ জন, বেতন শিক্ষানবিশকালে ৩০,০০০/- টাকা
৫। ব্রাঞ্চ ম্যানেজার ১-১৫ জন, বেতন শিক্ষানবিশকালে ২৫,০০০/- টাকা
৬। সহকারী ব্রাঞ্চ ম্যানেজার ১-১০০ জন, বেতন শিক্ষানবিশকালে ২০,০০০/- টাকা
৭। জুনিয়র ক্রেডিট অফিসার ১-১০০ জন, বেতন শিক্ষানবিশকালে ১৭,০০০/- টাকা
৮। ফিল্ড অফিসার ১-১৫০ জন, বেতন শিক্ষানবিশকালে ১৫,০০০/- টাকা
৯। কম্পিউটার অপারেটর ১-১০ জন, বেতন শিক্ষানবিশকালে ১৬,০০০/- টাকা

শর্তাবলি: শিক্ষানবিশকাল শেষে সংস্থার নিয়ম অনুযায়ী বেতন ও অন্যান্য সুযোগ-সুবিধা প্রদান করা হইবে। আবেদনপত্রের সঙ্গে সদ্য তোলা ছবি, শিক্ষাগত যোগ্যতার সনদপত্রের সত্যায়িত কপি জমা দিতে হইবে।

সহকারী পরিচালক, প্রধান কার্যালয়, পশ্চিম বৃন্দাবন পাড়া, বগুড়া
বাংলাদেশের অনুসরণে এক আইডলকৃত প্রতিষ্ঠান অপূর্ব আধুনিক আয়ুর্বেদিক সেন্টার!
এক চান্স প্রাজ্ঞমা সেবন করুন ও দিন দাম্পত্য জীবন সুখ থাকুন! ২১ দিনে সব যৌন সমস্যা থেকে মুক্তি

প্রাজ্ঞমা আয়ুর্বেদিক সেবন করুন এবং দাম্পত্য জীবনে সুখ ফিরিয়ে আনুন। সম্পূর্ণ পার্শ্বপ্রতিক্রিয়ামুক্ত ও প্রাকৃতিক উপাদানে তৈরি। দেশজুড়ে কুরিয়ারের মাধ্যমে পৌঁছে দেওয়া হয়।

প্রাজ্ঞমা আয়ুর্বেদিক সেবন করুন এবং দাম্পত্য জীবনে সুখ ফিরিয়ে আনুন। সম্পূর্ণ পার্শ্বপ্রতিক্রিয়ামুক্ত ও প্রাকৃতিক উপাদানে তৈরি। দেশজুড়ে কুরিয়ারের মাধ্যমে পৌঁছে দেওয়া হয়।

প্রাজ্ঞমা সাধারণ ২,৮৫০ টাকার স্পেশাল ফ্রি, প্রাজ্ঞমা মূল্য ২,৯৫০ টাকা মাত্র
01818-175186, 01314-311976
হতাশায় যৌন জীবনে চিরস্থায়ী আশা
বয়স্ক হবে যুবকের ন্যায় করে ভালবাসা
World Famous "হাশমে জোয়ানী"

সম্পূর্ণ প্রাকৃতিক উপাদানে তৈরি। নিয়মিত সেবনে শারীরিক দুর্বলতা দূর হয় এবং দাম্পত্য জীবন সুখময় হয়।

শুধু নয়, সত্যি "নিঞ্জা স্প্রে" ব্যবহার আসলেই ৭ দিনে বিশেষায় বড় করা সম্ভব
ঠিকানা: পাঁচলাইশ, চট্টগ্রাম
01721595465
